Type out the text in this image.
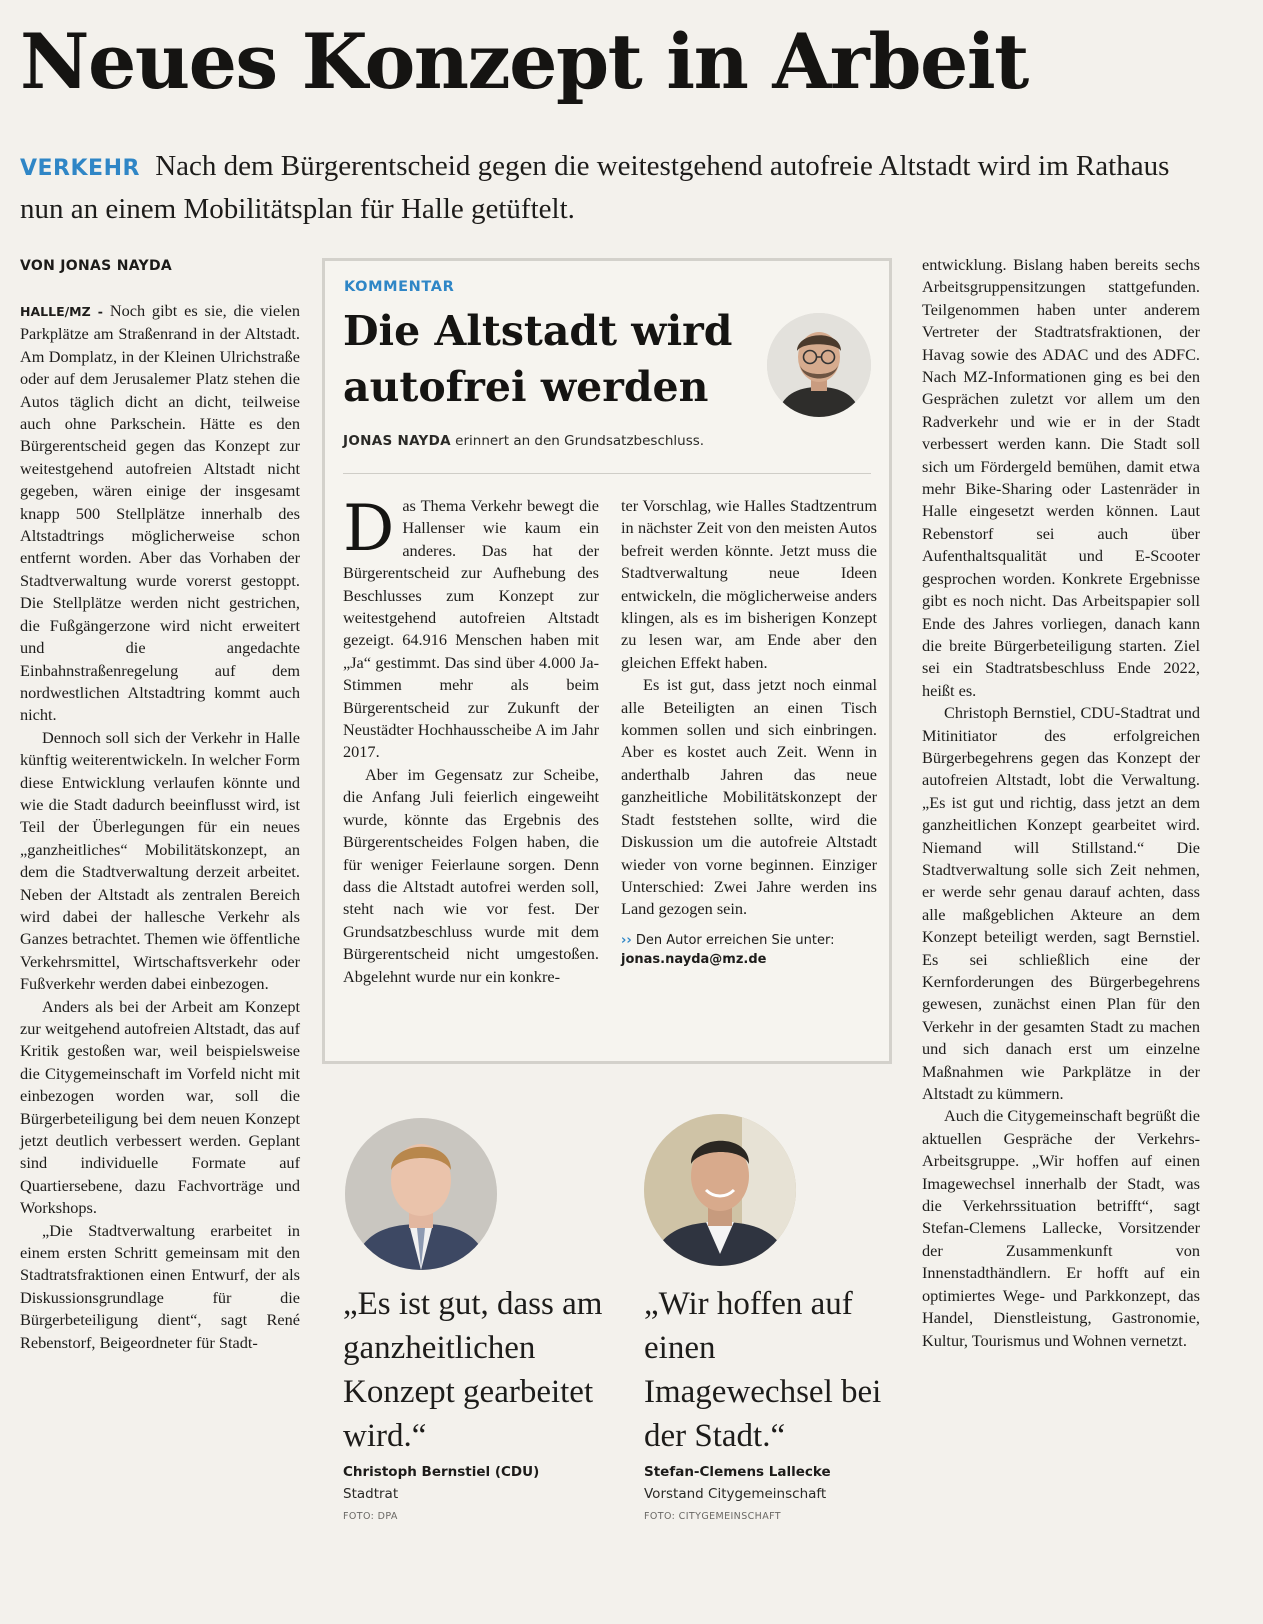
Neues Konzept in Arbeit

VERKEHR Nach dem Bürgerentscheid gegen die weitestgehend autofreie Altstadt wird im Rathaus nun an einem Mobilitätsplan für Halle getüftelt.

VON JONAS NAYDA

HALLE/MZ - Noch gibt es sie, die vielen Parkplätze am Straßenrand in der Altstadt. Am Domplatz, in der Kleinen Ulrichstraße oder auf dem Jerusalemer Platz stehen die Autos täglich dicht an dicht, teilweise auch ohne Parkschein. Hätte es den Bürgerentscheid gegen das Konzept zur weitestgehend autofreien Altstadt nicht gegeben, wären einige der insgesamt knapp 500 Stellplätze innerhalb des Altstadtrings möglicherweise schon entfernt worden. Aber das Vorhaben der Stadtverwaltung wurde vorerst gestoppt. Die Stellplätze werden nicht gestrichen, die Fußgängerzone wird nicht erweitert und die angedachte Einbahnstraßenregelung auf dem nordwestlichen Altstadtring kommt auch nicht.

Dennoch soll sich der Verkehr in Halle künftig weiterentwickeln. In welcher Form diese Entwicklung verlaufen könnte und wie die Stadt dadurch beeinflusst wird, ist Teil der Überlegungen für ein neues „ganzheitliches“ Mobilitätskonzept, an dem die Stadtverwaltung derzeit arbeitet. Neben der Altstadt als zentralen Bereich wird dabei der hallesche Verkehr als Ganzes betrachtet. Themen wie öffentliche Verkehrsmittel, Wirtschaftsverkehr oder Fußverkehr werden dabei einbezogen.

Anders als bei der Arbeit am Konzept zur weitgehend autofreien Altstadt, das auf Kritik gestoßen war, weil beispielsweise die Citygemeinschaft im Vorfeld nicht mit einbezogen worden war, soll die Bürgerbeteiligung bei dem neuen Konzept jetzt deutlich verbessert werden. Geplant sind individuelle Formate auf Quartiersebene, dazu Fachvorträge und Workshops.

„Die Stadtverwaltung erarbeitet in einem ersten Schritt gemeinsam mit den Stadtratsfraktionen einen Entwurf, der als Diskussionsgrundlage für die Bürgerbeteiligung dient“, sagt René Rebenstorf, Beigeordneter für Stadt-

KOMMENTAR
Die Altstadt wird autofrei werden
JONAS NAYDA erinnert an den Grundsatzbeschluss.

Das Thema Verkehr bewegt die Hallenser wie kaum ein anderes. Das hat der Bürgerentscheid zur Aufhebung des Beschlusses zum Konzept zur weitestgehend autofreien Altstadt gezeigt. 64.916 Menschen haben mit „Ja“ gestimmt. Das sind über 4.000 Ja-Stimmen mehr als beim Bürgerentscheid zur Zukunft der Neustädter Hochhausscheibe A im Jahr 2017.

Aber im Gegensatz zur Scheibe, die Anfang Juli feierlich eingeweiht wurde, könnte das Ergebnis des Bürgerentscheides Folgen haben, die für weniger Feierlaune sorgen. Denn dass die Altstadt autofrei werden soll, steht nach wie vor fest. Der Grundsatzbeschluss wurde mit dem Bürgerentscheid nicht umgestoßen. Abgelehnt wurde nur ein konkre-

ter Vorschlag, wie Halles Stadtzentrum in nächster Zeit von den meisten Autos befreit werden könnte. Jetzt muss die Stadtverwaltung neue Ideen entwickeln, die möglicherweise anders klingen, als es im bisherigen Konzept zu lesen war, am Ende aber den gleichen Effekt haben.

Es ist gut, dass jetzt noch einmal alle Beteiligten an einen Tisch kommen sollen und sich einbringen. Aber es kostet auch Zeit. Wenn in anderthalb Jahren das neue ganzheitliche Mobilitätskonzept der Stadt feststehen sollte, wird die Diskussion um die autofreie Altstadt wieder von vorne beginnen. Einziger Unterschied: Zwei Jahre werden ins Land gezogen sein.

›› Den Autor erreichen Sie unter:
jonas.nayda@mz.de

„Es ist gut, dass am ganzheitlichen Konzept gearbeitet wird.“

Christoph Bernstiel (CDU)
Stadtrat
FOTO: DPA

„Wir hoffen auf einen Imagewechsel bei der Stadt.“

Stefan-Clemens Lallecke
Vorstand Citygemeinschaft
FOTO: CITYGEMEINSCHAFT

entwicklung. Bislang haben bereits sechs Arbeitsgruppensitzungen stattgefunden. Teilgenommen haben unter anderem Vertreter der Stadtratsfraktionen, der Havag sowie des ADAC und des ADFC. Nach MZ-Informationen ging es bei den Gesprächen zuletzt vor allem um den Radverkehr und wie er in der Stadt verbessert werden kann. Die Stadt soll sich um Fördergeld bemühen, damit etwa mehr Bike-Sharing oder Lastenräder in Halle eingesetzt werden können. Laut Rebenstorf sei auch über Aufenthaltsqualität und E-Scooter gesprochen worden. Konkrete Ergebnisse gibt es noch nicht. Das Arbeitspapier soll Ende des Jahres vorliegen, danach kann die breite Bürgerbeteiligung starten. Ziel sei ein Stadtratsbeschluss Ende 2022, heißt es.

Christoph Bernstiel, CDU-Stadtrat und Mitinitiator des erfolgreichen Bürgerbegehrens gegen das Konzept der autofreien Altstadt, lobt die Verwaltung. „Es ist gut und richtig, dass jetzt an dem ganzheitlichen Konzept gearbeitet wird. Niemand will Stillstand.“ Die Stadtverwaltung solle sich Zeit nehmen, er werde sehr genau darauf achten, dass alle maßgeblichen Akteure an dem Konzept beteiligt werden, sagt Bernstiel. Es sei schließlich eine der Kernforderungen des Bürgerbegehrens gewesen, zunächst einen Plan für den Verkehr in der gesamten Stadt zu machen und sich danach erst um einzelne Maßnahmen wie Parkplätze in der Altstadt zu kümmern.

Auch die Citygemeinschaft begrüßt die aktuellen Gespräche der Verkehrs-Arbeitsgruppe. „Wir hoffen auf einen Imagewechsel innerhalb der Stadt, was die Verkehrssituation betrifft“, sagt Stefan-Clemens Lallecke, Vorsitzender der Zusammenkunft von Innenstadthändlern. Er hofft auf ein optimiertes Wege- und Parkkonzept, das Handel, Dienstleistung, Gastronomie, Kultur, Tourismus und Wohnen vernetzt.
